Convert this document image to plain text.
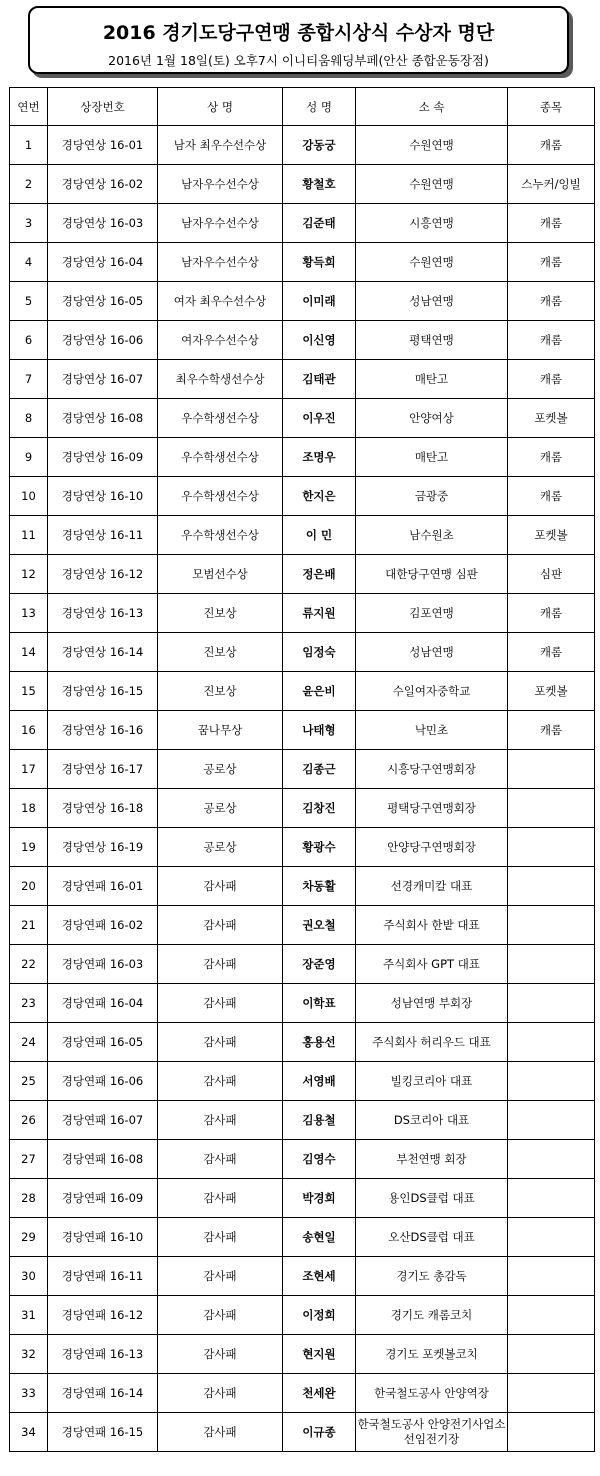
2016 경기도당구연맹 종합시상식 수상자 명단
2016년 1월 18일(토) 오후7시 이니티움웨딩부페(안산 종합운동장점)
연번	상장번호	상 명	성 명	소 속	종목
1	경당연상 16-01	남자 최우수선수상	강동궁	수원연맹	캐롬
2	경당연상 16-02	남자우수선수상	황철호	수원연맹	스누커/잉빌
3	경당연상 16-03	남자우수선수상	김준태	시흥연맹	캐롬
4	경당연상 16-04	남자우수선수상	황득희	수원연맹	캐롬
5	경당연상 16-05	여자 최우수선수상	이미래	성남연맹	캐롬
6	경당연상 16-06	여자우수선수상	이신영	평택연맹	캐롬
7	경당연상 16-07	최우수학생선수상	김태관	매탄고	캐롬
8	경당연상 16-08	우수학생선수상	이우진	안양여상	포켓볼
9	경당연상 16-09	우수학생선수상	조명우	매탄고	캐롬
10	경당연상 16-10	우수학생선수상	한지은	금광중	캐롬
11	경당연상 16-11	우수학생선수상	이 민	남수원초	포켓볼
12	경당연상 16-12	모범선수상	정은배	대한당구연맹 심판	심판
13	경당연상 16-13	진보상	류지원	김포연맹	캐롬
14	경당연상 16-14	진보상	임정숙	성남연맹	캐롬
15	경당연상 16-15	진보상	윤은비	수일여자중학교	포켓볼
16	경당연상 16-16	꿈나무상	나태형	낙민초	캐롬
17	경당연상 16-17	공로상	김종근	시흥당구연맹회장	
18	경당연상 16-18	공로상	김창진	평택당구연맹회장	
19	경당연상 16-19	공로상	황광수	안양당구연맹회장	
20	경당연패 16-01	감사패	차동활	선경캐미칼 대표	
21	경당연패 16-02	감사패	권오철	주식회사 한밭 대표	
22	경당연패 16-03	감사패	장준영	주식회사 GPT 대표	
23	경당연패 16-04	감사패	이학표	성남연맹 부회장	
24	경당연패 16-05	감사패	홍용선	주식회사 허리우드 대표	
25	경당연패 16-06	감사패	서영배	빌킹코리아 대표	
26	경당연패 16-07	감사패	김용철	DS코리아 대표	
27	경당연패 16-08	감사패	김영수	부천연맹 회장	
28	경당연패 16-09	감사패	박경희	용인DS클럽 대표	
29	경당연패 16-10	감사패	송현일	오산DS클럽 대표	
30	경당연패 16-11	감사패	조현세	경기도 총감독	
31	경당연패 16-12	감사패	이정희	경기도 캐롬코치	
32	경당연패 16-13	감사패	현지원	경기도 포켓볼코치	
33	경당연패 16-14	감사패	천세완	한국철도공사 안양역장	
34	경당연패 16-15	감사패	이규종	한국철도공사 안양전기사업소 선임전기장	
